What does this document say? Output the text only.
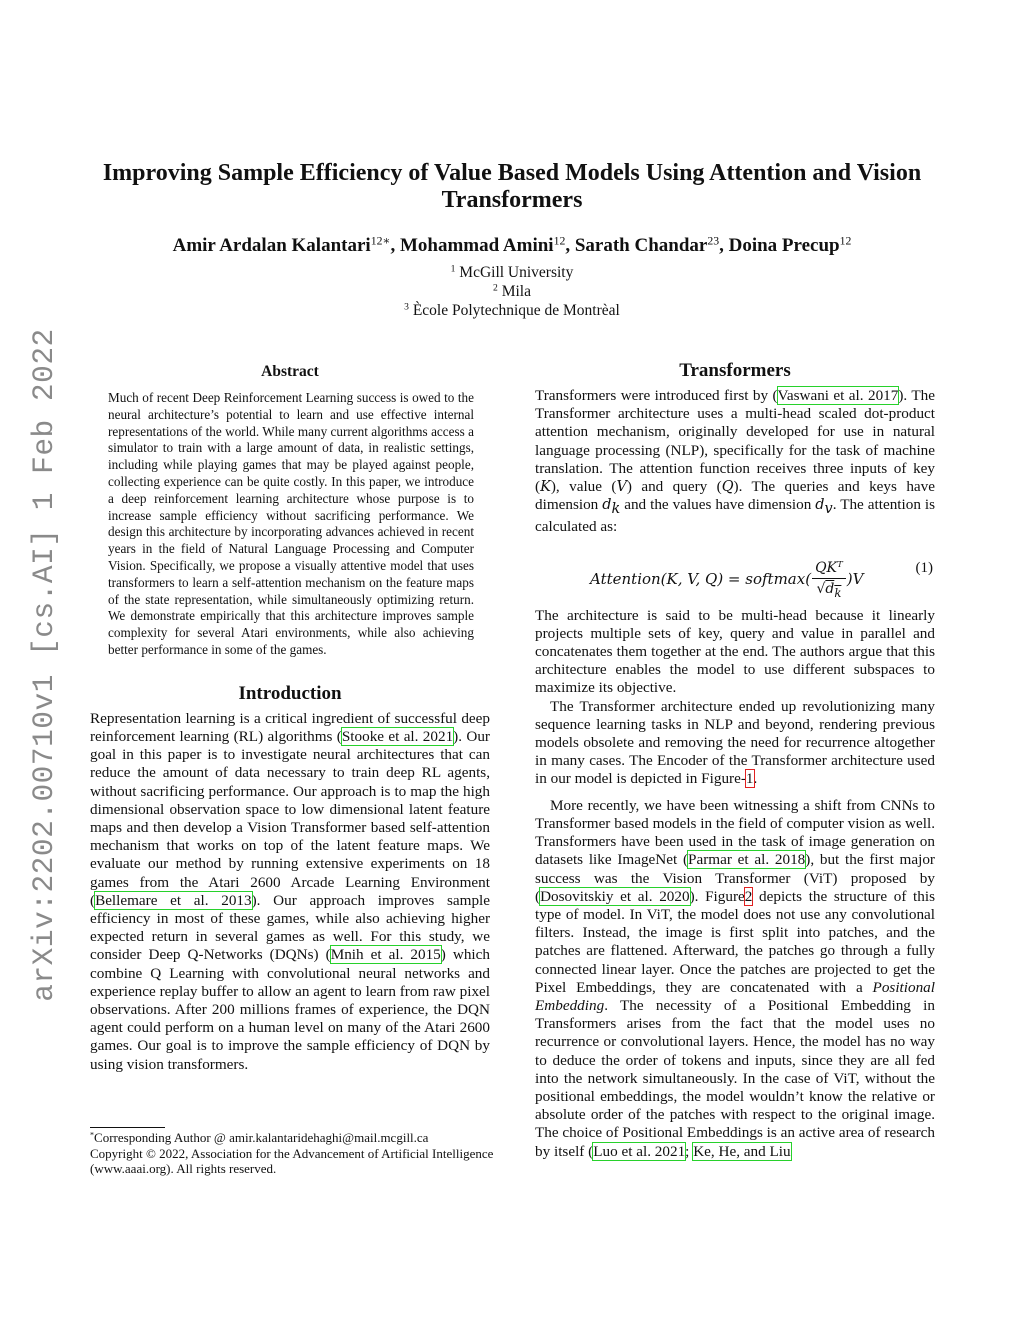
Improving Sample Efficiency of Value Based Models Using Attention and Vision Transformers
Amir Ardalan Kalantari$^{12∗}$, Mohammad Amini$^{12}$, Sarath Chandar$^{23}$, Doina Precup$^{12}$
$^1$ McGill University
$^2$ Mila
$^3$ Ècole Polytechnique de Montrèal
arXiv:2202.00710v1 [cs.AI] 1 Feb 2022	Abstract

Much of recent Deep Reinforcement Learning success is owed to the neural architecture’s potential to learn and use effective internal representations of the world. While many current algorithms access a simulator to train with a large amount of data, in realistic settings, including while playing games that may be played against people, collecting experience can be quite costly. In this paper, we introduce a deep reinforcement learning architecture whose purpose is to increase sample efficiency without sacrificing performance. We design this architecture by incorporating advances achieved in recent years in the field of Natural Language Processing and Computer Vision. Specifically, we propose a visually attentive model that uses transformers to learn a self-attention mechanism on the feature maps of the state representation, while simultaneously optimizing return. We demonstrate empirically that this architecture improves sample complexity for several Atari environments, while also achieving better performance in some of the games.

Introduction

Representation learning is a critical ingredient of successful deep reinforcement learning (RL) algorithms (Stooke et al. 2021). Our goal in this paper is to investigate neural architectures that can reduce the amount of data necessary to train deep RL agents, without sacrificing performance. Our approach is to map the high dimensional observation space to low dimensional latent feature maps and then develop a Vision Transformer based self-attention mechanism that works on top of the latent feature maps. We evaluate our method by running extensive experiments on 18 games from the Atari 2600 Arcade Learning Environment (Bellemare et al. 2013). Our approach improves sample efficiency in most of these games, while also achieving higher expected return in several games as well. For this study, we consider Deep Q-Networks (DQNs) (Mnih et al. 2015) which combine Q Learning with convolutional neural networks and experience replay buffer to allow an agent to learn from raw pixel observations. After 200 millions frames of experience, the DQN agent could perform on a human level on many of the Atari 2600 games. Our goal is to improve the sample efficiency of DQN by using vision transformers.

*Corresponding Author @ amir.kalantaridehaghi@mail.mcgill.ca

Copyright © 2022, Association for the Advancement of Artificial Intelligence (www.aaai.org). All rights reserved.

Transformers

Transformers were introduced first by (Vaswani et al. 2017). The Transformer architecture uses a multi-head scaled dot-product attention mechanism, originally developed for use in natural language processing (NLP), specifically for the task of machine translation. The attention function receives three inputs of key (K), value (V) and query (Q). The queries and keys have dimension $d_k$ and the values have dimension $d_v$. The attention is calculated as:

Attention(K, V, Q) = softmax( $\frac{QK^T}{√d_k} )V$
(1)

The architecture is said to be multi-head because it linearly projects multiple sets of key, query and value in parallel and concatenates them together at the end. The authors argue that this architecture enables the model to use different subspaces to maximize its objective.

The Transformer architecture ended up revolutionizing many sequence learning tasks in NLP and beyond, rendering previous models obsolete and removing the need for recurrence altogether in many cases. The Encoder of the Transformer architecture used in our model is depicted in Figure-1.

More recently, we have been witnessing a shift from CNNs to Transformer based models in the field of computer vision as well. Transformers have been used in the task of image generation on datasets like ImageNet (Parmar et al. 2018), but the first major success was the Vision Transformer (ViT) proposed by (Dosovitskiy et al. 2020). Figure2 depicts the structure of this type of model. In ViT, the model does not use any convolutional filters. Instead, the image is first split into patches, and the patches are flattened. Afterward, the patches go through a fully connected linear layer. Once the patches are projected to get the Pixel Embeddings, they are concatenated with a Positional Embedding. The necessity of a Positional Embedding in Transformers arises from the fact that the model uses no recurrence or convolutional layers. Hence, the model has no way to deduce the order of tokens and inputs, since they are all fed into the network simultaneously. In the case of ViT, without the positional embeddings, the model wouldn’t know the relative or absolute order of the patches with respect to the original image. The choice of Positional Embeddings is an active area of research by itself (Luo et al. 2021; Ke, He, and Liu
